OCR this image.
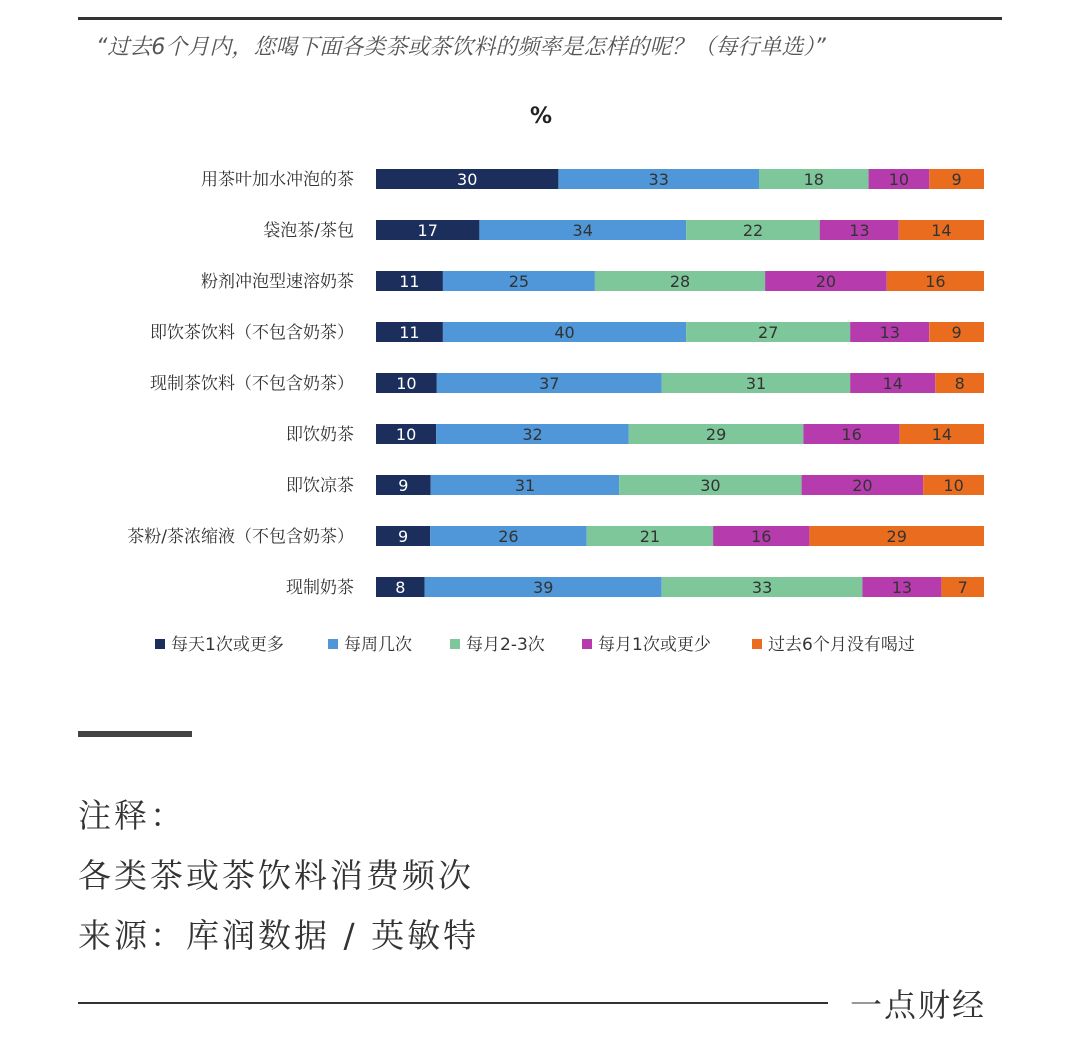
“过去6个月内，您喝下面各类茶或茶饮料的频率是怎样的呢？（每行单选）”
%
用茶叶加水冲泡的茶	30	33	18	10	9
袋泡茶/茶包	17	34	22	13	14
粉剂冲泡型速溶奶茶	11	25	28	20	16
即饮茶饮料（不包含奶茶）	11	40	27	13	9
现制茶饮料（不包含奶茶）	10	37	31	14	8
即饮奶茶	10	32	29	16	14
即饮凉茶	9	31	30	20	10
茶粉/茶浓缩液（不包含奶茶）	9	26	21	16	29
现制奶茶	8	39	33	13	7
每天1次或更多	每周几次	每月2-3次	每月1次或更少	过去6个月没有喝过
注释：
各类茶或茶饮料消费频次
来源：库润数据 / 英敏特
一点财经
